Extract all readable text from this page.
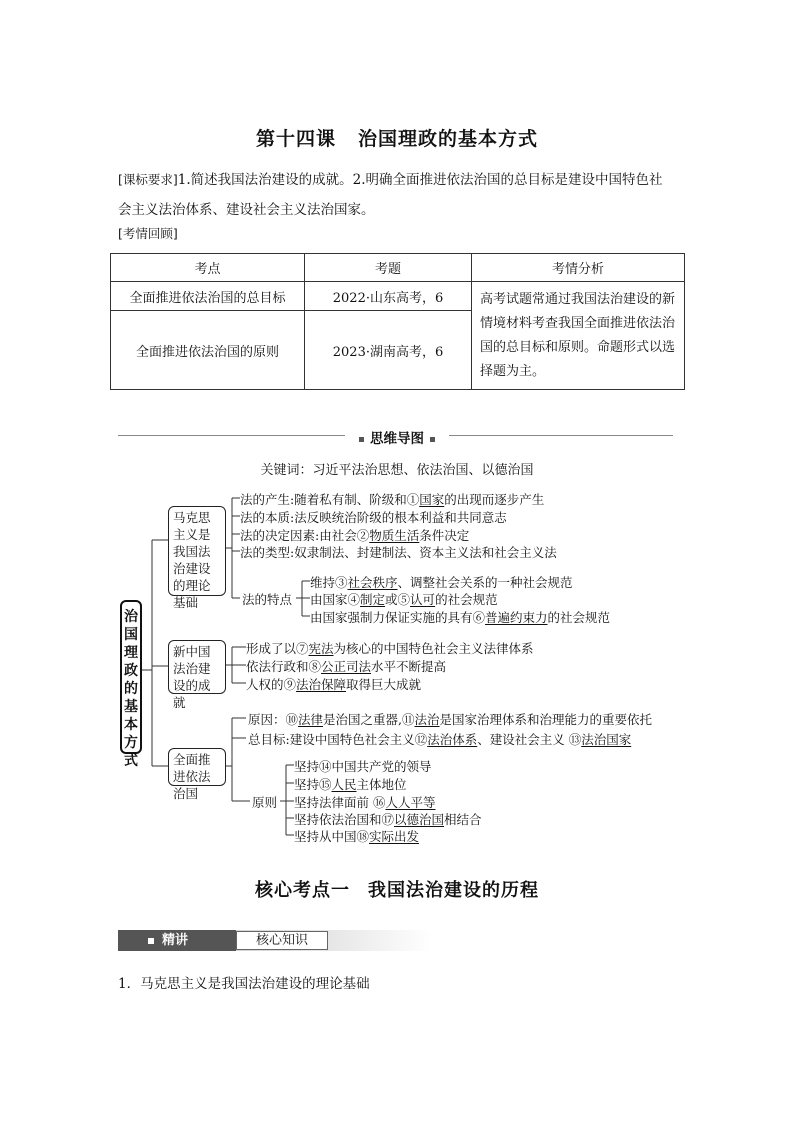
第十四课 治国理政的基本方式
[课标要求]1.简述我国法治建设的成就。2.明确全面推进依法治国的总目标是建设中国特色社
会主义法治体系、建设社会主义法治国家。
[考情回顾]
考点	考题	考情分析
全面推进依法治国的总目标	2022·山东高考，6	高考试题常通过我国法治建设的新情境材料考查我国全面推进依法治国的总目标和原则。命题形式以选择题为主。
全面推进依法治国的原则	2023·湖南高考，6	
思维导图
关键词：习近平法治思想、依法治国、以德治国
治国理政的基本方式
马克思主义是我国法治建设的理论基础
法的产生:随着私有制、阶级和①国家的出现而逐步产生
法的本质:法反映统治阶级的根本利益和共同意志
法的决定因素:由社会②物质生活条件决定
法的类型:奴隶制法、封建制法、资本主义法和社会主义法
法的特点
维持③社会秩序、调整社会关系的一种社会规范
由国家④制定或⑤认可的社会规范
由国家强制力保证实施的具有⑥普遍约束力的社会规范
新中国法治建设的成就
形成了以⑦宪法为核心的中国特色社会主义法律体系
依法行政和⑧公正司法水平不断提高
人权的⑨法治保障取得巨大成就
全面推进依法治国
原因：⑩法律是治国之重器,⑪法治是国家治理体系和治理能力的重要依托
总目标:建设中国特色社会主义⑫法治体系、建设社会主义 ⑬法治国家
原则
坚持⑭中国共产党的领导
坚持⑮人民主体地位
坚持法律面前 ⑯人人平等
坚持依法治国和⑰以德治国相结合
坚持从中国⑱实际出发
核心考点一 我国法治建设的历程
精讲	核心知识
1．马克思主义是我国法治建设的理论基础
